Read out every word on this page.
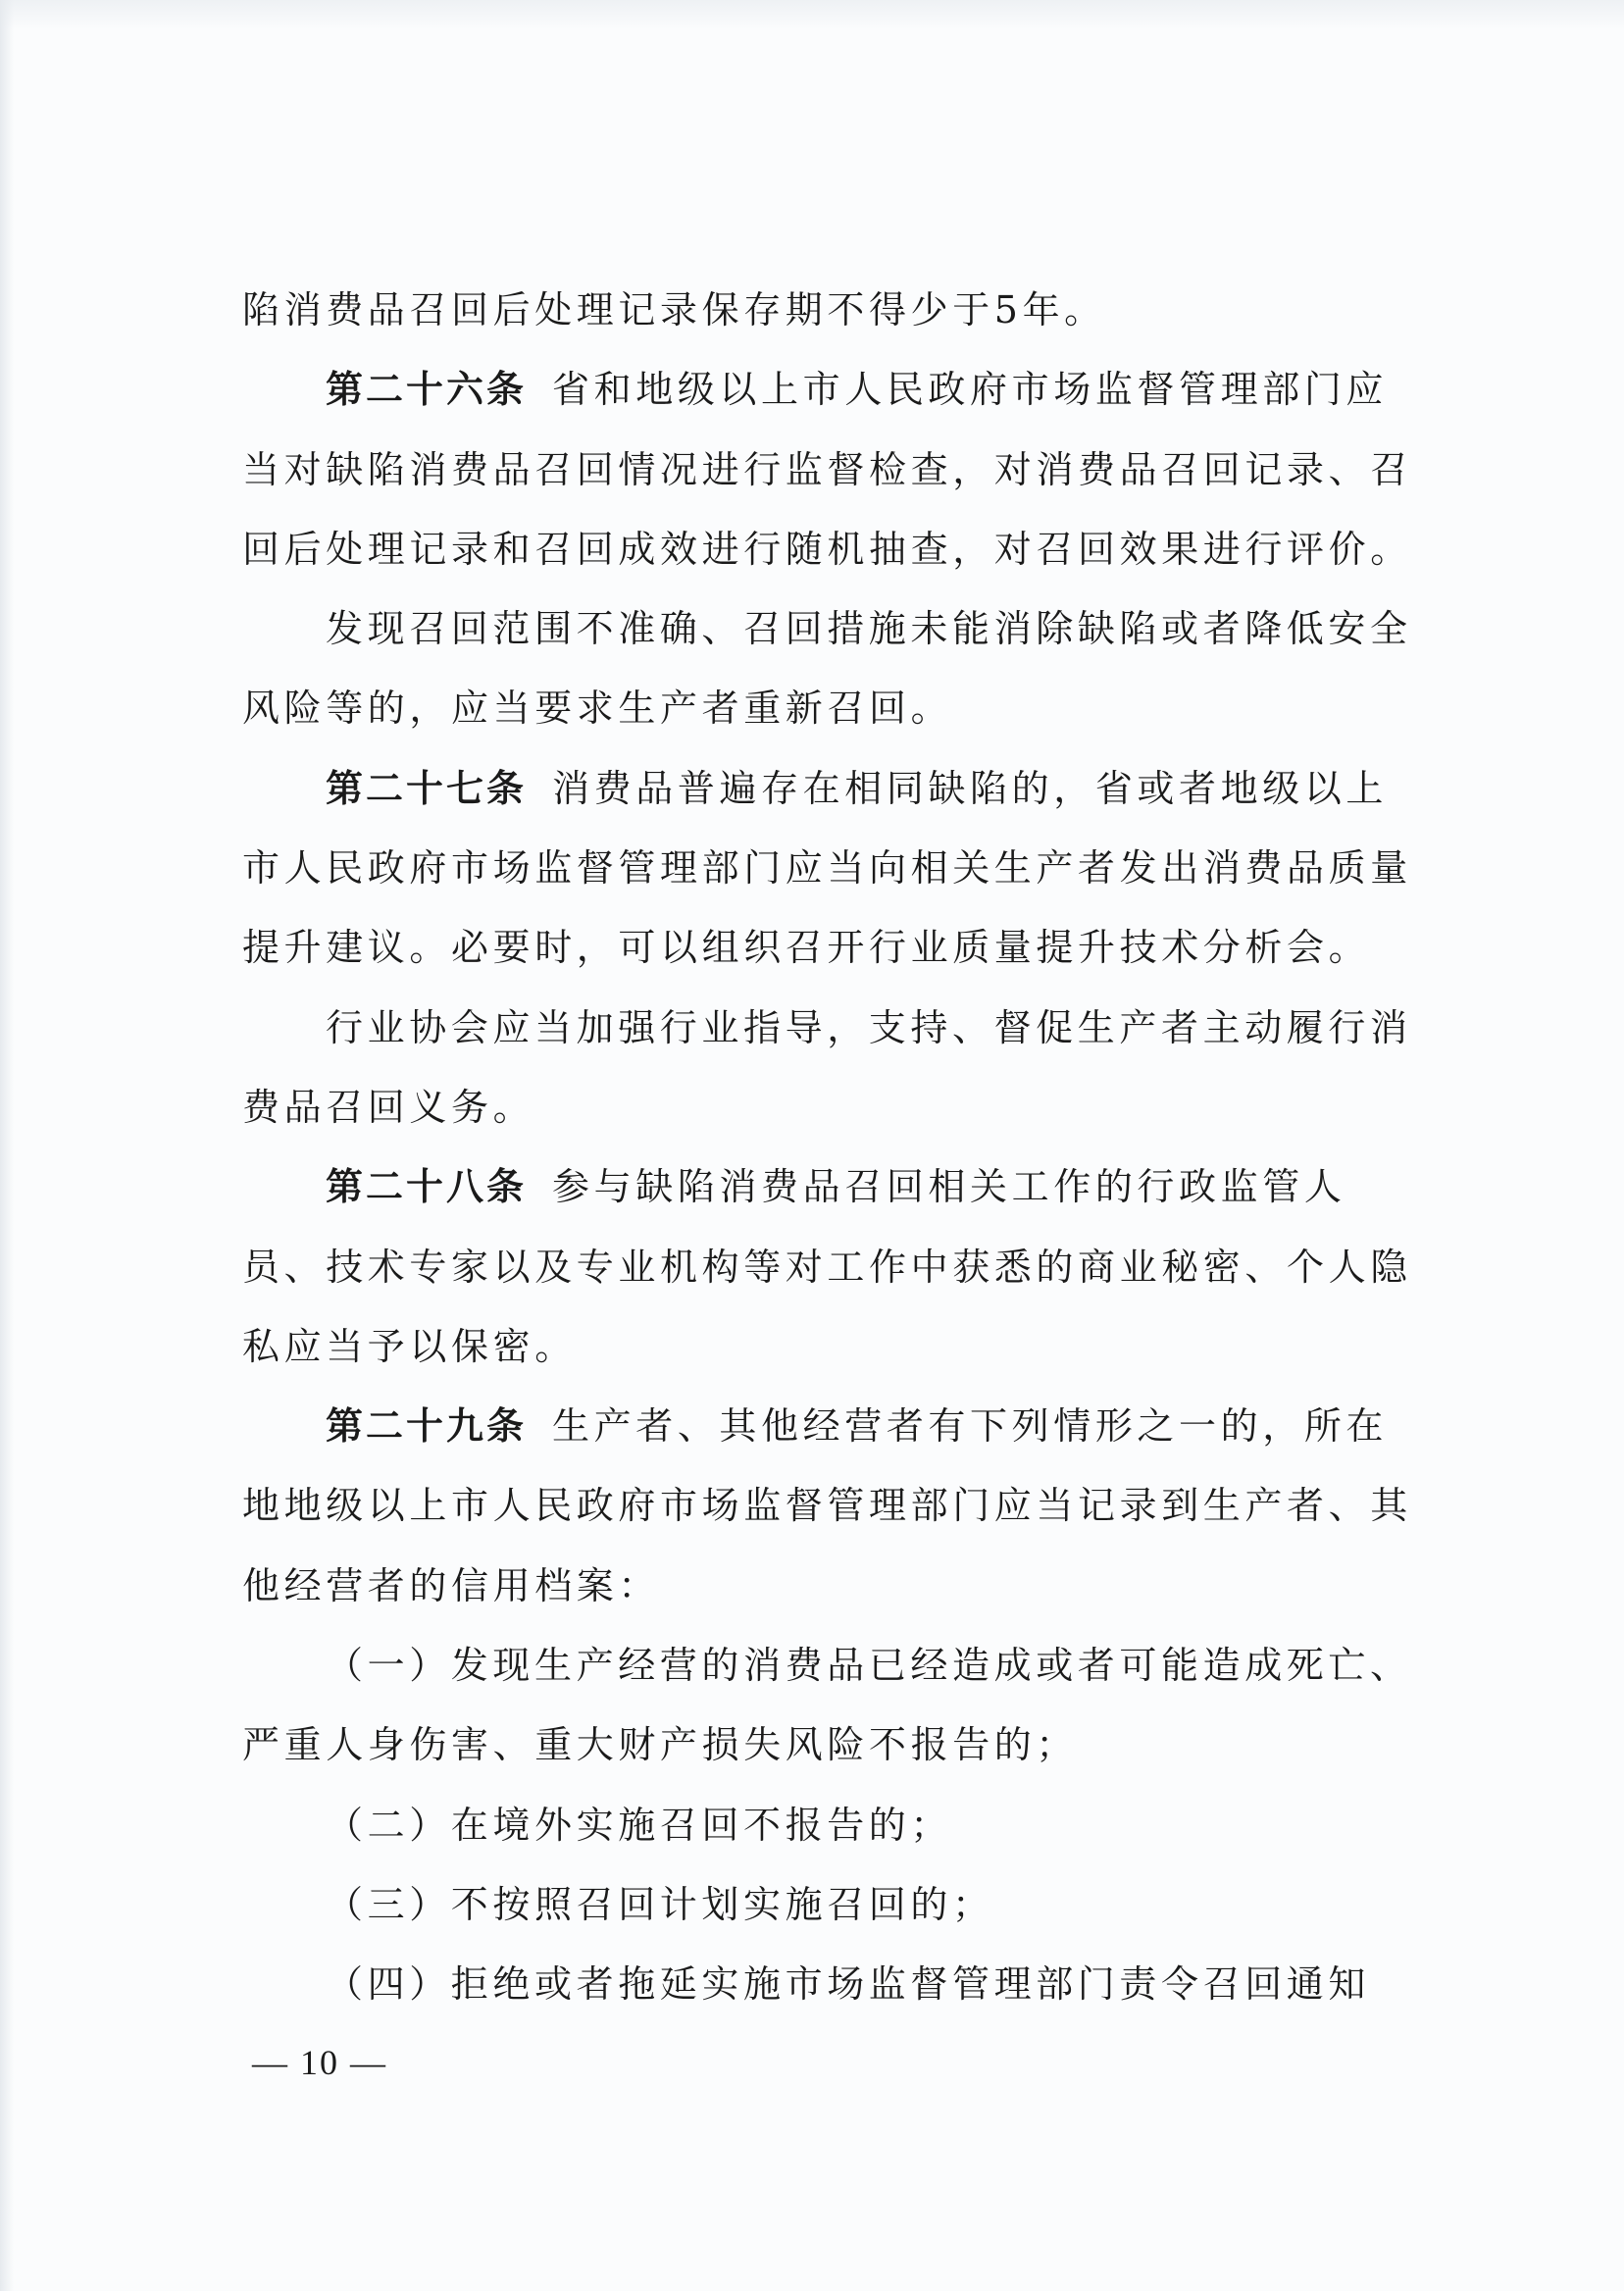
陷消费品召回后处理记录保存期不得少于5年。
第二十六条 省和地级以上市人民政府市场监督管理部门应
当对缺陷消费品召回情况进行监督检查，对消费品召回记录、召
回后处理记录和召回成效进行随机抽查，对召回效果进行评价。
发现召回范围不准确、召回措施未能消除缺陷或者降低安全
风险等的，应当要求生产者重新召回。
第二十七条 消费品普遍存在相同缺陷的，省或者地级以上
市人民政府市场监督管理部门应当向相关生产者发出消费品质量
提升建议。必要时，可以组织召开行业质量提升技术分析会。
行业协会应当加强行业指导，支持、督促生产者主动履行消
费品召回义务。
第二十八条 参与缺陷消费品召回相关工作的行政监管人
员、技术专家以及专业机构等对工作中获悉的商业秘密、个人隐
私应当予以保密。
第二十九条 生产者、其他经营者有下列情形之一的，所在
地地级以上市人民政府市场监督管理部门应当记录到生产者、其
他经营者的信用档案：
（一）发现生产经营的消费品已经造成或者可能造成死亡、
严重人身伤害、重大财产损失风险不报告的；
（二）在境外实施召回不报告的；
（三）不按照召回计划实施召回的；
（四）拒绝或者拖延实施市场监督管理部门责令召回通知
— 10 —
